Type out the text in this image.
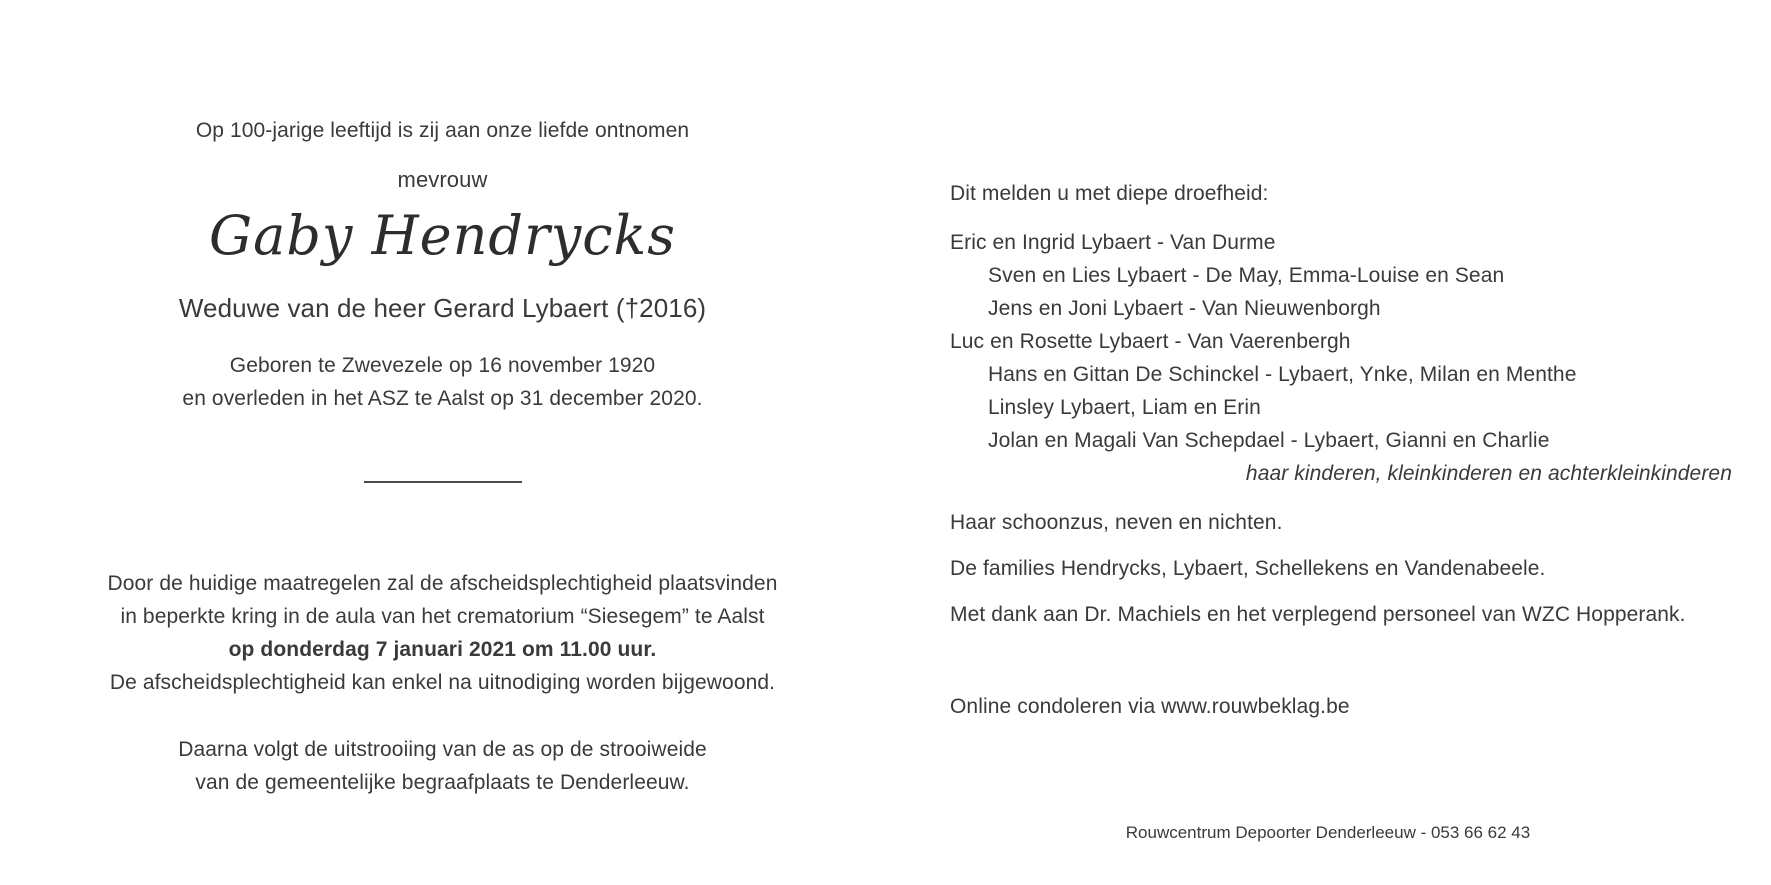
Op 100-jarige leeftijd is zij aan onze liefde ontnomen
mevrouw
Gaby Hendrycks
Weduwe van de heer Gerard Lybaert (†2016)
Geboren te Zwevezele op 16 november 1920
en overleden in het ASZ te Aalst op 31 december 2020.
Door de huidige maatregelen zal de afscheidsplechtigheid plaatsvinden
in beperkte kring in de aula van het crematorium “Siesegem” te Aalst
op donderdag 7 januari 2021 om 11.00 uur.
De afscheidsplechtigheid kan enkel na uitnodiging worden bijgewoond.
Daarna volgt de uitstrooiing van de as op de strooiweide
van de gemeentelijke begraafplaats te Denderleeuw.
Dit melden u met diepe droefheid:
Eric en Ingrid Lybaert - Van Durme
Sven en Lies Lybaert - De May, Emma-Louise en Sean
Jens en Joni Lybaert - Van Nieuwenborgh
Luc en Rosette Lybaert - Van Vaerenbergh
Hans en Gittan De Schinckel - Lybaert, Ynke, Milan en Menthe
Linsley Lybaert, Liam en Erin
Jolan en Magali Van Schepdael - Lybaert, Gianni en Charlie
haar kinderen, kleinkinderen en achterkleinkinderen
Haar schoonzus, neven en nichten.
De families Hendrycks, Lybaert, Schellekens en Vandenabeele.
Met dank aan Dr. Machiels en het verplegend personeel van WZC Hopperank.
Online condoleren via www.rouwbeklag.be
Rouwcentrum Depoorter Denderleeuw - 053 66 62 43
